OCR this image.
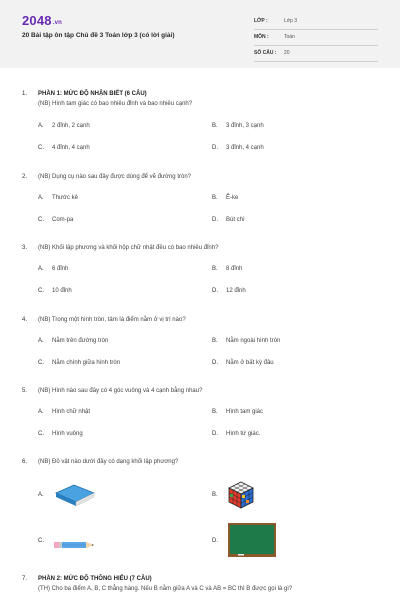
2048.vn
20 Bài tập ôn tập Chủ đề 3 Toán lớp 3 (có lời giải)
LỚP :	Lớp 3
MÔN :	Toán
SỐ CÂU : 20
1. PHẦN 1: MỨC ĐỘ NHẬN BIẾT (6 CÂU)
(NB) Hình tam giác có bao nhiêu đỉnh và bao nhiêu cạnh?
A. 2 đỉnh, 2 cạnh	B. 3 đỉnh, 3 cạnh
C. 4 đỉnh, 4 cạnh	D. 3 đỉnh, 4 cạnh
2. (NB) Dụng cụ nào sau đây được dùng để vẽ đường tròn?
A. Thước kẻ	B. Ê-ke
C. Com-pa	D. Bút chì
3. (NB) Khối lập phương và khối hộp chữ nhật đều có bao nhiêu đỉnh?
A. 6 đỉnh	B. 8 đỉnh
C. 10 đỉnh	D. 12 đỉnh
4. (NB) Trong một hình tròn, tâm là điểm nằm ở vị trí nào?
A. Nằm trên đường tròn	B. Nằm ngoài hình tròn
C. Nằm chính giữa hình tròn	D. Nằm ở bất kỳ đâu
5. (NB) Hình nào sau đây có 4 góc vuông và 4 cạnh bằng nhau?
A. Hình chữ nhật	B. Hình tam giác
C. Hình vuông	D. Hình tứ giác.
6. (NB) Đồ vật nào dưới đây có dạng khối lập phương?
A.	B.
C.	D.
7. PHẦN 2: MỨC ĐỘ THÔNG HIỂU (7 CÂU)
(TH) Cho ba điểm A, B, C thẳng hàng. Nếu B nằm giữa A và C và AB = BC thì B được gọi là gì?
